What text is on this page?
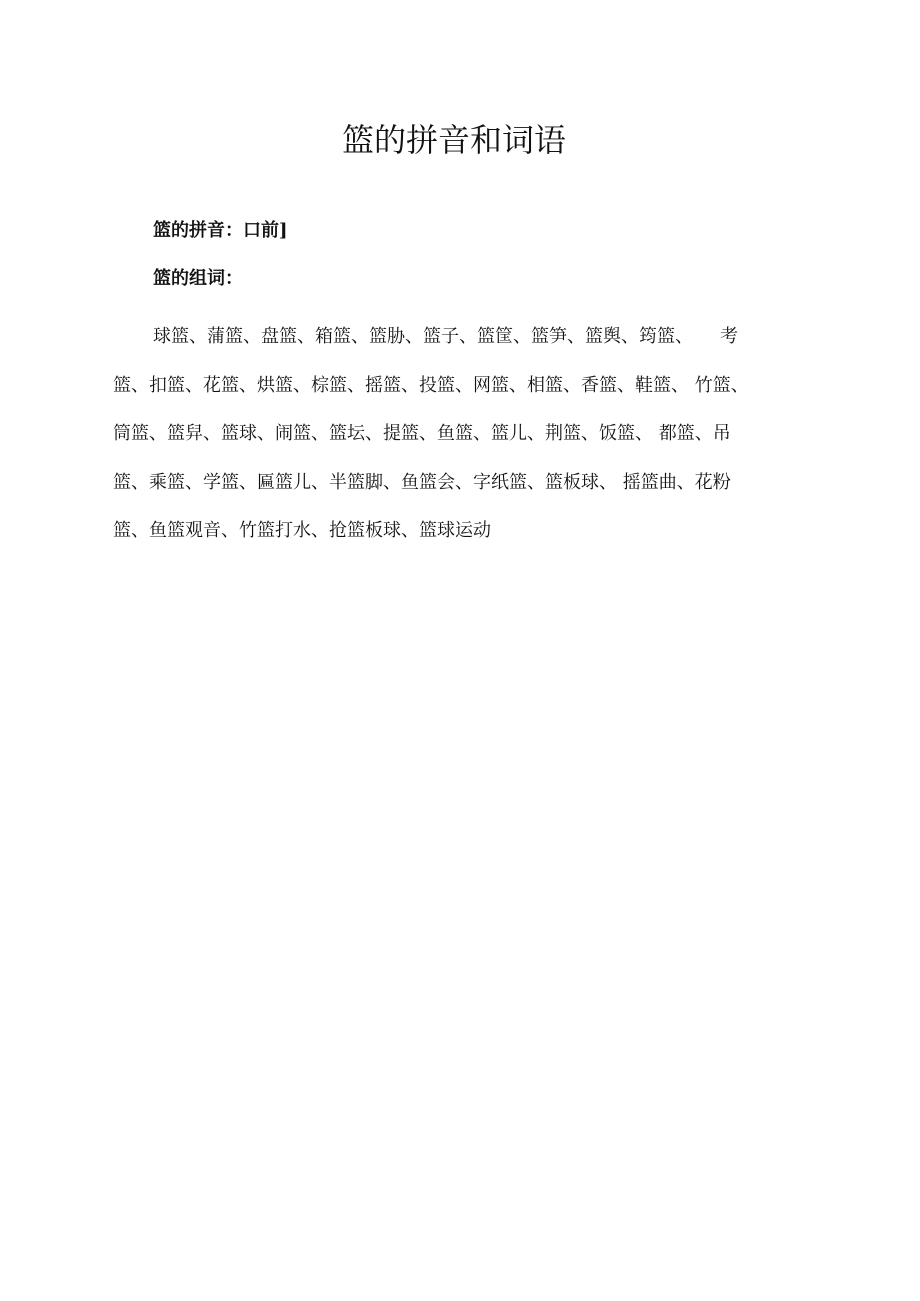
篮的拼音和词语
篮的拼音：口前]
篮的组词：
球篮、蒲篮、盘篮、箱篮、篮胁、篮子、篮筐、篮笋、篮舆、筠篮、　　考
篮、扣篮、花篮、烘篮、棕篮、摇篮、投篮、网篮、相篮、香篮、鞋篮、 竹篮、
筒篮、篮舁、篮球、闹篮、篮坛、提篮、鱼篮、篮儿、荆篮、饭篮、 都篮、吊
篮、乘篮、学篮、匾篮儿、半篮脚、鱼篮会、字纸篮、篮板球、 摇篮曲、花粉
篮、鱼篮观音、竹篮打水、抢篮板球、篮球运动
